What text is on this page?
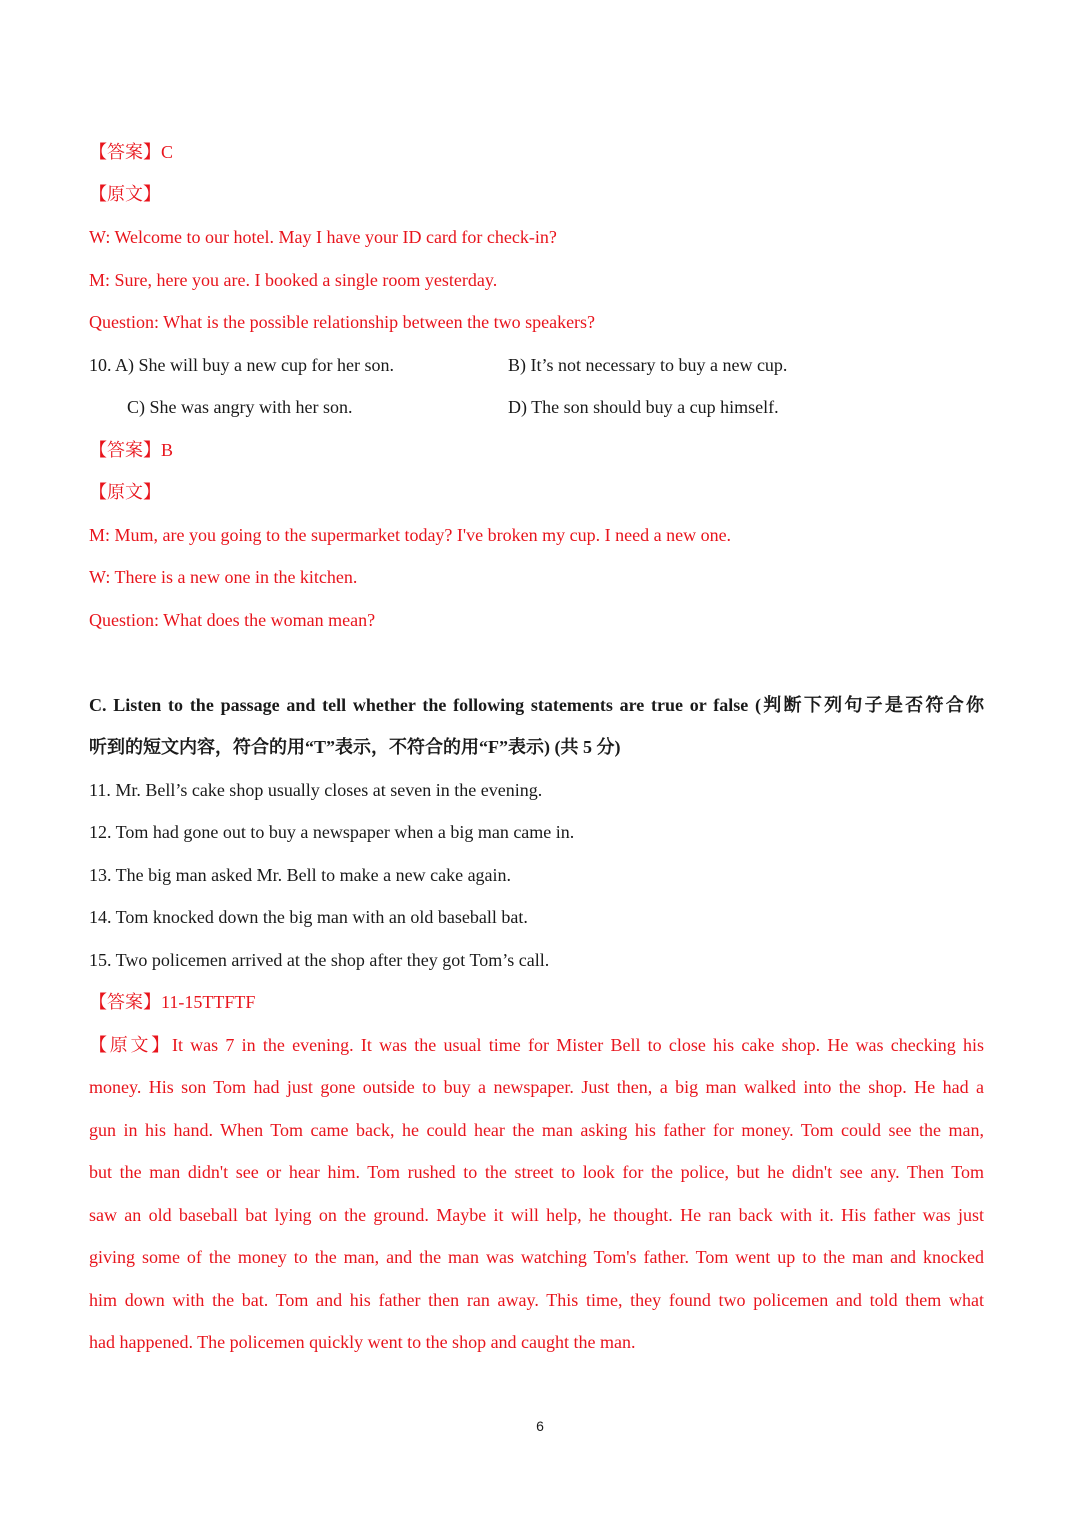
【答案】C
【原文】
W: Welcome to our hotel. May I have your ID card for check-in?
M: Sure, here you are. I booked a single room yesterday.
Question: What is the possible relationship between the two speakers?
10. A) She will buy a new cup for her son.	B) It’s not necessary to buy a new cup.
C) She was angry with her son.	D) The son should buy a cup himself.
【答案】B
【原文】
M: Mum, are you going to the supermarket today? I've broken my cup. I need a new one.
W: There is a new one in the kitchen.
Question: What does the woman mean?
C. Listen to the passage and tell whether the following statements are true or false (判断下列句子是否符合你
听到的短文内容，符合的用“T”表示，不符合的用“F”表示) (共 5 分)
11. Mr. Bell’s cake shop usually closes at seven in the evening.
12. Tom had gone out to buy a newspaper when a big man came in.
13. The big man asked Mr. Bell to make a new cake again.
14. Tom knocked down the big man with an old baseball bat.
15. Two policemen arrived at the shop after they got Tom’s call.
【答案】11-15TTFTF
【原文】It was 7 in the evening. It was the usual time for Mister Bell to close his cake shop. He was checking his
money. His son Tom had just gone outside to buy a newspaper. Just then, a big man walked into the shop. He had a
gun in his hand. When Tom came back, he could hear the man asking his father for money. Tom could see the man,
but the man didn't see or hear him. Tom rushed to the street to look for the police, but he didn't see any. Then Tom
saw an old baseball bat lying on the ground. Maybe it will help, he thought. He ran back with it. His father was just
giving some of the money to the man, and the man was watching Tom's father. Tom went up to the man and knocked
him down with the bat. Tom and his father then ran away. This time, they found two policemen and told them what
had happened. The policemen quickly went to the shop and caught the man.
6
